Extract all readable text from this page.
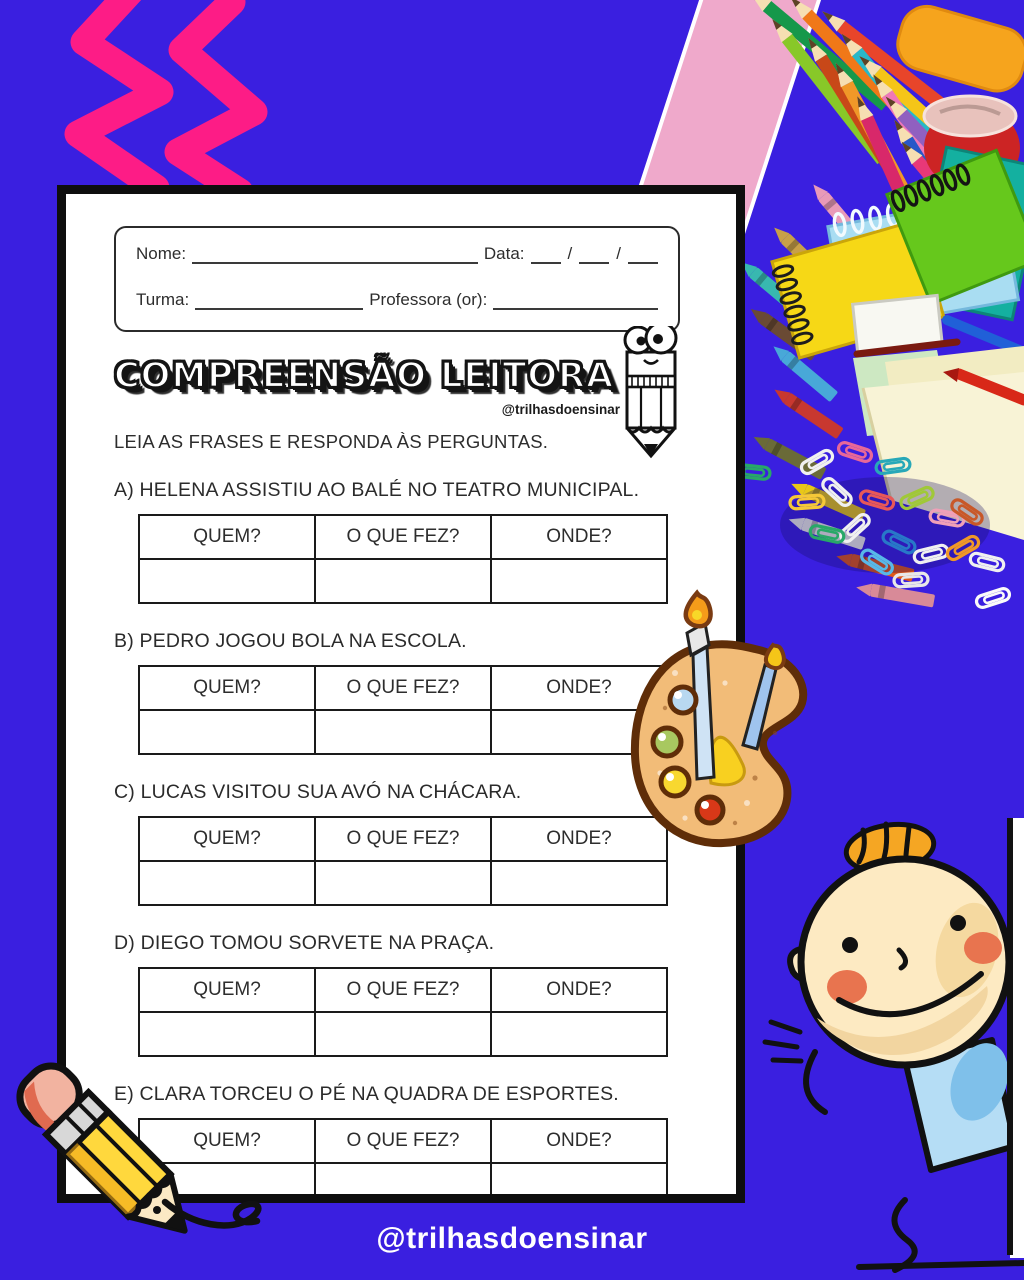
Nome:	Data:	/	/
Turma:	Professora (or):
COMPREENSÃO LEITORA
@trilhasdoensinar
LEIA AS FRASES E RESPONDA ÀS PERGUNTAS.
A) HELENA ASSISTIU AO BALÉ NO TEATRO MUNICIPAL.
QUEM?	O QUE FEZ?	ONDE?

B) PEDRO JOGOU BOLA NA ESCOLA.
QUEM?	O QUE FEZ?	ONDE?

C) LUCAS VISITOU SUA AVÓ NA CHÁCARA.
QUEM?	O QUE FEZ?	ONDE?

D) DIEGO TOMOU SORVETE NA PRAÇA.
QUEM?	O QUE FEZ?	ONDE?

E) CLARA TORCEU O PÉ NA QUADRA DE ESPORTES.
QUEM?	O QUE FEZ?	ONDE?

@trilhasdoensinar
